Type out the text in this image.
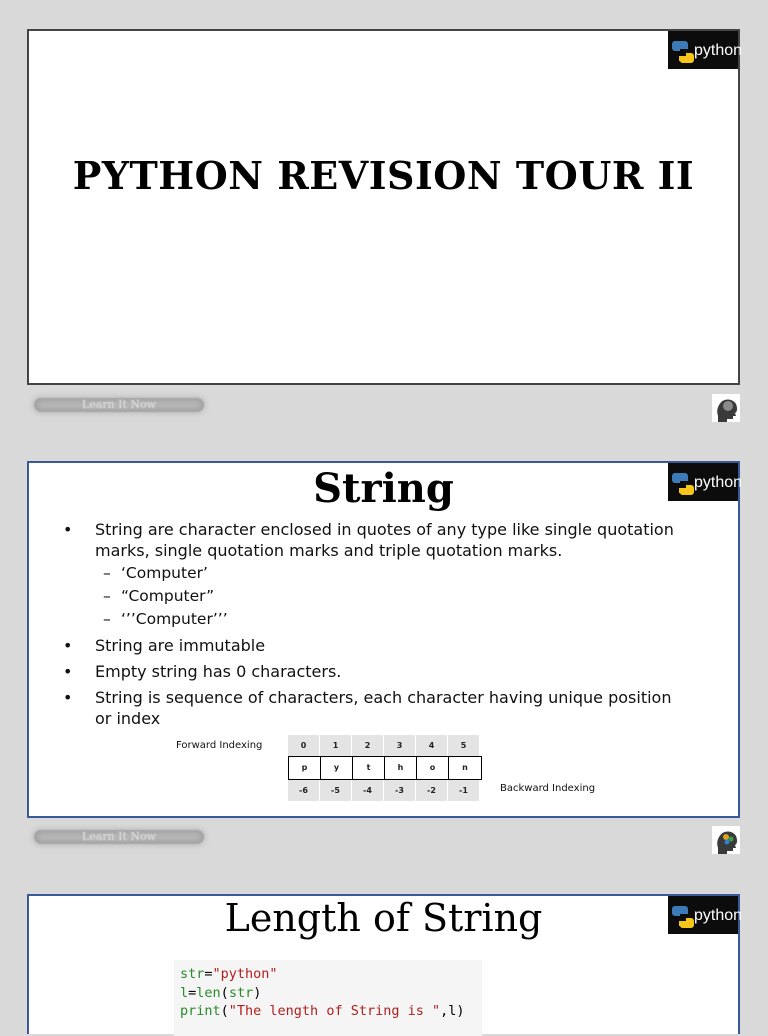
python
PYTHON REVISION TOUR II
Learn It Now
python
String
• String are character enclosed in quotes of any type like single quotation marks, single quotation marks and triple quotation marks.
– ‘Computer’
– “Computer”
– ‘’’Computer’’’
• String are immutable
• Empty string has 0 characters.
• String is sequence of characters, each character having unique position or index
Forward Indexing
Backward Indexing
0	1	2	3	4	5
p	y	t	h	o	n
-6	-5	-4	-3	-2	-1
Learn It Now
python
Length of String
str="python"
l=len(str)
print("The length of String is ",l)
